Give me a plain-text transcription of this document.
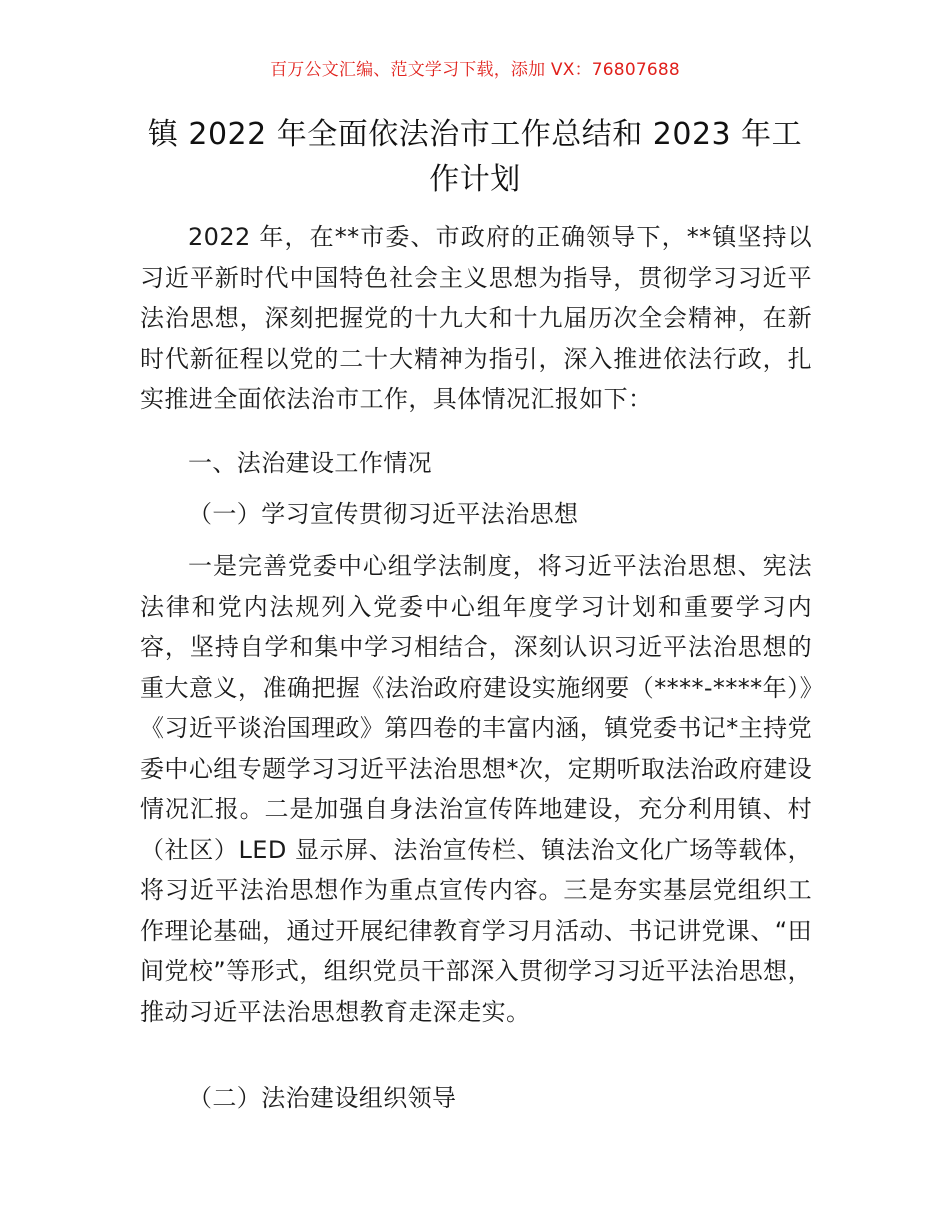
百万公文汇编、范文学习下载，添加 VX：76807688
镇 2022 年全面依法治市工作总结和 2023 年工作计划
2022 年，在**市委、市政府的正确领导下，**镇坚持以习近平新时代中国特色社会主义思想为指导，贯彻学习习近平法治思想，深刻把握党的十九大和十九届历次全会精神，在新时代新征程以党的二十大精神为指引，深入推进依法行政，扎实推进全面依法治市工作，具体情况汇报如下：
一、法治建设工作情况
（一）学习宣传贯彻习近平法治思想
一是完善党委中心组学法制度，将习近平法治思想、宪法法律和党内法规列入党委中心组年度学习计划和重要学习内容，坚持自学和集中学习相结合，深刻认识习近平法治思想的重大意义，准确把握《法治政府建设实施纲要（****-****年）》《习近平谈治国理政》第四卷的丰富内涵，镇党委书记*主持党委中心组专题学习习近平法治思想*次，定期听取法治政府建设情况汇报。二是加强自身法治宣传阵地建设，充分利用镇、村（社区）LED 显示屏、法治宣传栏、镇法治文化广场等载体，将习近平法治思想作为重点宣传内容。三是夯实基层党组织工作理论基础，通过开展纪律教育学习月活动、书记讲党课、“田间党校”等形式，组织党员干部深入贯彻学习习近平法治思想，推动习近平法治思想教育走深走实。
（二）法治建设组织领导
